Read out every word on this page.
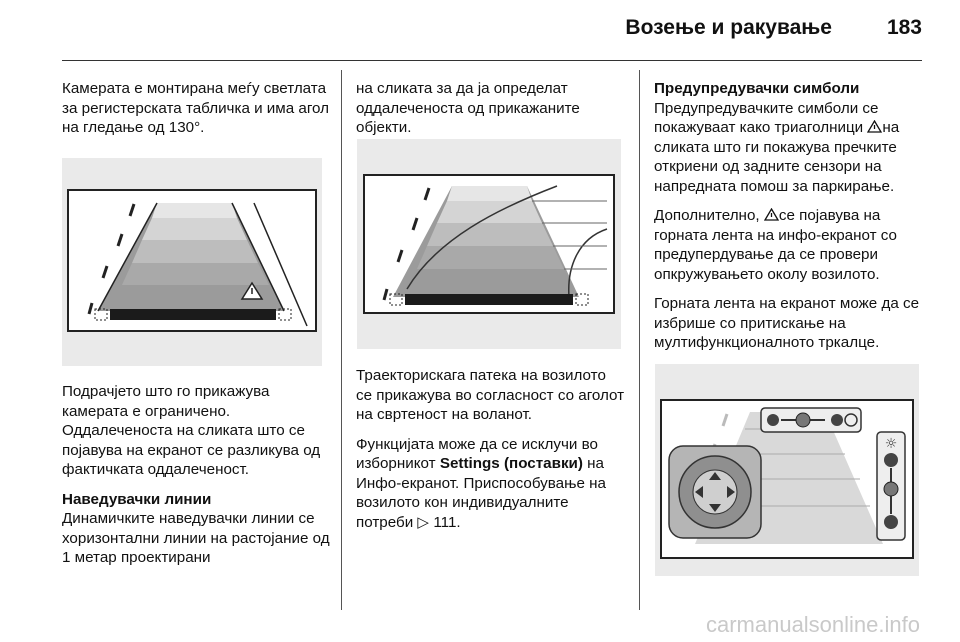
Возење и ракување	183

Камерата е монтирана меѓу светлата за регистерската табличка и има агол на гледање од 130°.

Подрачјето што го прикажува камерата е ограничено. Оддалеченоста на сликата што се појавува на екранот се разликува од фактичката оддалеченост.

Наведувачки линии

Динамичките наведувачки линии се хоризонтални линии на растојание од 1 метар проектирани

на сликата за да ја определат оддалеченоста од прикажаните објекти.

Траекторискага патека на возилото се прикажува во согласност со аголот на свртеност на воланот.

Функцијата може да се исклучи во изборникот Settings (поставки) на Инфо-екранот. Приспособување на возилото кон индивидуалните потреби ▷ 111.

Предупредувачки симболи

Предупредувачките симболи се покажуваат како триаголници на сликата што ги покажува пречките откриени од задните сензори на напредната помош за паркирање.

Дополнително, се појавува на горната лента на инфо-екранот со предупердување да се провери опкружувањето околу возилото.

Горната лента на екранот може да се избрише со притискање на мултифункционалното тркалце.

☼
carmanualsonline.info
